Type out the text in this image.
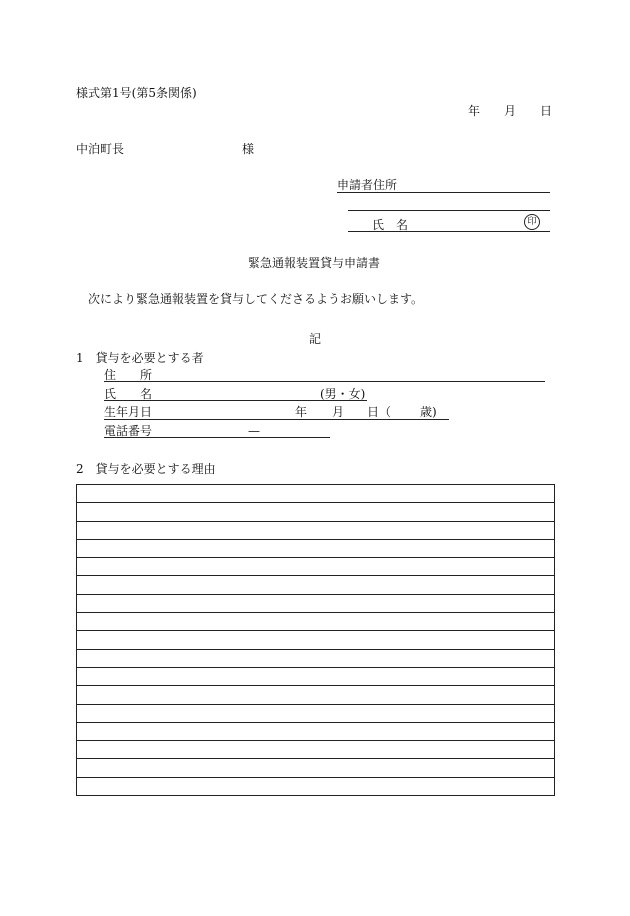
様式第1号(第5条関係)
年 月 日
中泊町長	様
申請者住所
氏　名	印
緊急通報装置貸与申請書
次により緊急通報装置を貸与してくださるようお願いします。
記
1　貸与を必要とする者
住　　所
氏　　名	(男・女)
生年月日	年 月 日（ 歳)
電話番号	—
2　貸与を必要とする理由
